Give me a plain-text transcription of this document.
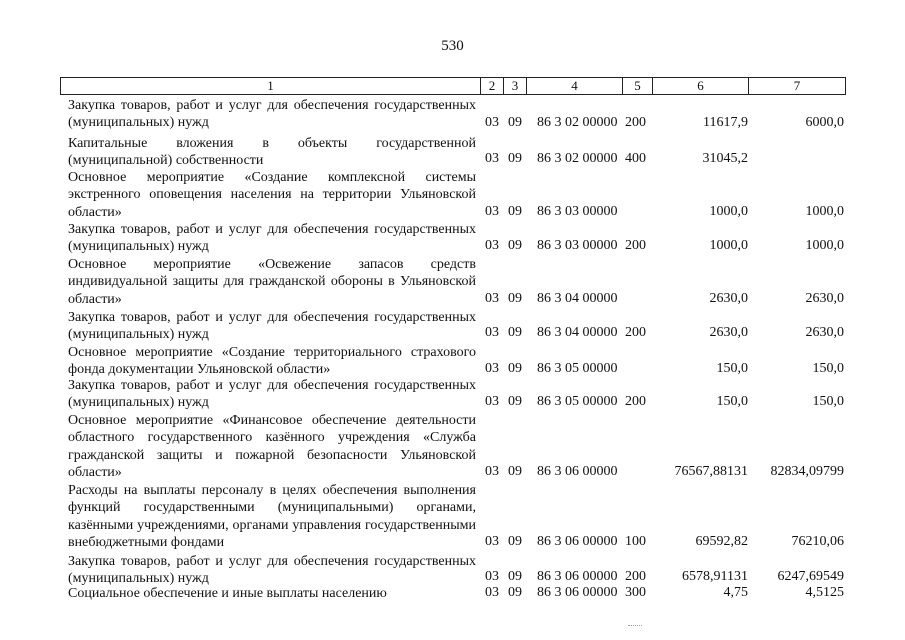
530
1	2	3	4	5	6	7
Закупка товаров, работ и услуг для обеспечения государственных (муниципальных) нужд	03 09 86 3 02 00000 200	11617,9	6000,0
Капитальные вложения в объекты государственной (муниципальной) собственности	03 09 86 3 02 00000 400	31045,2
Основное мероприятие «Создание комплексной системы экстренного оповещения населения на территории Ульяновской области»	03 09 86 3 03 00000	1000,0	1000,0
Закупка товаров, работ и услуг для обеспечения государственных (муниципальных) нужд	03 09 86 3 03 00000 200	1000,0	1000,0
Основное мероприятие «Освежение запасов средств индивидуальной защиты для гражданской обороны в Ульяновской области»	03 09 86 3 04 00000	2630,0	2630,0
Закупка товаров, работ и услуг для обеспечения государственных (муниципальных) нужд	03 09 86 3 04 00000 200	2630,0	2630,0
Основное мероприятие «Создание территориального страхового фонда документации Ульяновской области»	03 09 86 3 05 00000	150,0	150,0
Закупка товаров, работ и услуг для обеспечения государственных (муниципальных) нужд	03 09 86 3 05 00000 200	150,0	150,0
Основное мероприятие «Финансовое обеспечение деятельности областного государственного казённого учреждения «Служба гражданской защиты и пожарной безопасности Ульяновской области»	03 09 86 3 06 00000	76567,88131 82834,09799
Расходы на выплаты персоналу в целях обеспечения выполнения функций государственными (муниципальными) органами, казёнными учреждениями, органами управления государственными внебюджетными фондами	03 09 86 3 06 00000 100	69592,82	76210,06
Закупка товаров, работ и услуг для обеспечения государственных (муниципальных) нужд	03 09 86 3 06 00000 200	6578,91131 6247,69549
Социальное обеспечение и иные выплаты населению	03 09 86 3 06 00000 300	4,75	4,5125
